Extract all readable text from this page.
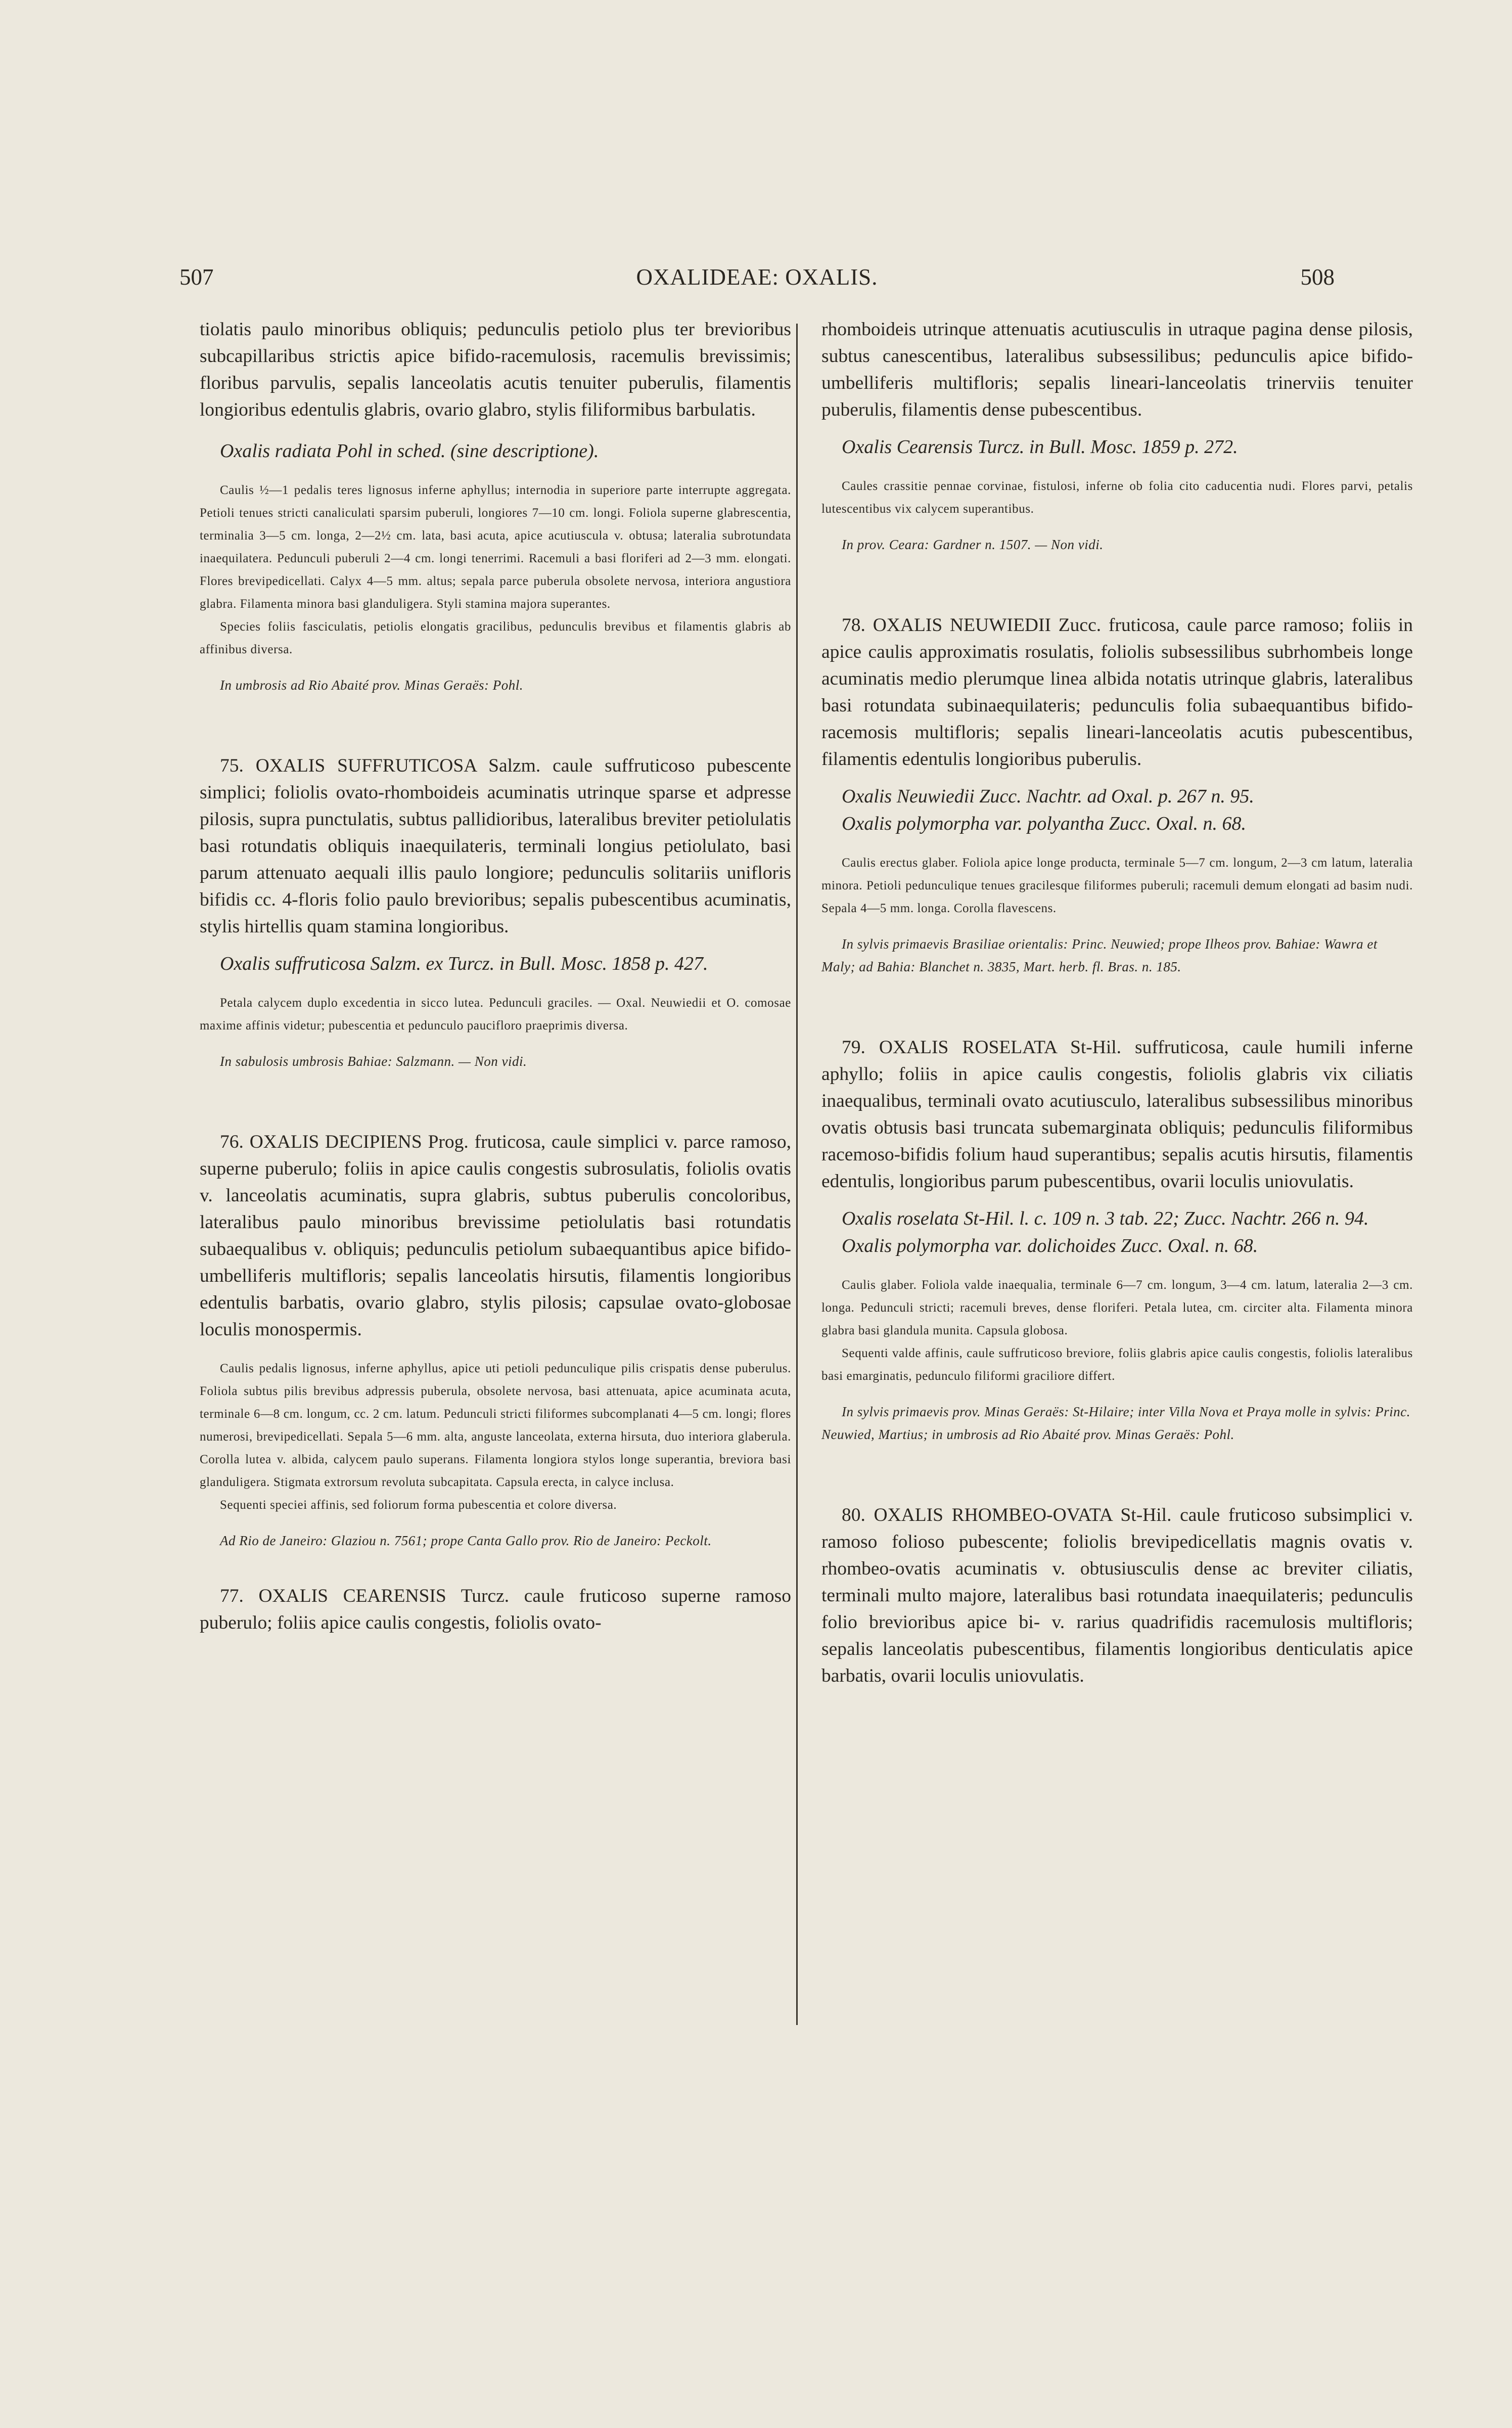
507	OXALIDEAE: OXALIS.	508

tiolatis paulo minoribus obliquis; pedunculis petiolo plus ter brevioribus subcapillaribus strictis apice bifido-racemulosis, racemulis brevissimis; floribus parvulis, sepalis lanceolatis acutis tenuiter puberulis, filamentis longioribus edentulis glabris, ovario glabro, stylis filiformibus barbulatis.

Oxalis radiata Pohl in sched. (sine descriptione).

Caulis ½—1 pedalis teres lignosus inferne aphyllus; internodia in superiore parte interrupte aggregata. Petioli tenues stricti canaliculati sparsim puberuli, longiores 7—10 cm. longi. Foliola superne glabrescentia, terminalia 3—5 cm. longa, 2—2½ cm. lata, basi acuta, apice acutiuscula v. obtusa; lateralia subrotundata inaequilatera. Pedunculi puberuli 2—4 cm. longi tenerrimi. Racemuli a basi floriferi ad 2—3 mm. elongati. Flores brevipedicellati. Calyx 4—5 mm. altus; sepala parce puberula obsolete nervosa, interiora angustiora glabra. Filamenta minora basi glanduligera. Styli stamina majora superantes.

Species foliis fasciculatis, petiolis elongatis gracilibus, pedunculis brevibus et filamentis glabris ab affinibus diversa.

In umbrosis ad Rio Abaité prov. Minas Geraës: Pohl.

75. OXALIS SUFFRUTICOSA Salzm. caule suffruticoso pubescente simplici; foliolis ovato-rhomboideis acuminatis utrinque sparse et adpresse pilosis, supra punctulatis, subtus pallidioribus, lateralibus breviter petiolulatis basi rotundatis obliquis inaequilateris, terminali longius petiolulato, basi parum attenuato aequali illis paulo longiore; pedunculis solitariis unifloris bifidis cc. 4-floris folio paulo brevioribus; sepalis pubescentibus acuminatis, stylis hirtellis quam stamina longioribus.

Oxalis suffruticosa Salzm. ex Turcz. in Bull. Mosc. 1858 p. 427.

Petala calycem duplo excedentia in sicco lutea. Pedunculi graciles. — Oxal. Neuwiedii et O. comosae maxime affinis videtur; pubescentia et pedunculo paucifloro praeprimis diversa.

In sabulosis umbrosis Bahiae: Salzmann. — Non vidi.

76. OXALIS DECIPIENS Prog. fruticosa, caule simplici v. parce ramoso, superne puberulo; foliis in apice caulis congestis subrosulatis, foliolis ovatis v. lanceolatis acuminatis, supra glabris, subtus puberulis concoloribus, lateralibus paulo minoribus brevissime petiolulatis basi rotundatis subaequalibus v. obliquis; pedunculis petiolum subaequantibus apice bifido-umbelliferis multifloris; sepalis lanceolatis hirsutis, filamentis longioribus edentulis barbatis, ovario glabro, stylis pilosis; capsulae ovato-globosae loculis monospermis.

Caulis pedalis lignosus, inferne aphyllus, apice uti petioli pedunculique pilis crispatis dense puberulus. Foliola subtus pilis brevibus adpressis puberula, obsolete nervosa, basi attenuata, apice acuminata acuta, terminale 6—8 cm. longum, cc. 2 cm. latum. Pedunculi stricti filiformes subcomplanati 4—5 cm. longi; flores numerosi, brevipedicellati. Sepala 5—6 mm. alta, anguste lanceolata, externa hirsuta, duo interiora glaberula. Corolla lutea v. albida, calycem paulo superans. Filamenta longiora stylos longe superantia, breviora basi glanduligera. Stigmata extrorsum revoluta subcapitata. Capsula erecta, in calyce inclusa.

Sequenti speciei affinis, sed foliorum forma pubescentia et colore diversa.

Ad Rio de Janeiro: Glaziou n. 7561; prope Canta Gallo prov. Rio de Janeiro: Peckolt.

77. OXALIS CEARENSIS Turcz. caule fruticoso superne ramoso puberulo; foliis apice caulis congestis, foliolis ovato-

rhomboideis utrinque attenuatis acutiusculis in utraque pagina dense pilosis, subtus canescentibus, lateralibus subsessilibus; pedunculis apice bifido-umbelliferis multifloris; sepalis lineari-lanceolatis trinerviis tenuiter puberulis, filamentis dense pubescentibus.

Oxalis Cearensis Turcz. in Bull. Mosc. 1859 p. 272.

Caules crassitie pennae corvinae, fistulosi, inferne ob folia cito caducentia nudi. Flores parvi, petalis lutescentibus vix calycem superantibus.

In prov. Ceara: Gardner n. 1507. — Non vidi.

78. OXALIS NEUWIEDII Zucc. fruticosa, caule parce ramoso; foliis in apice caulis approximatis rosulatis, foliolis subsessilibus subrhombeis longe acuminatis medio plerumque linea albida notatis utrinque glabris, lateralibus basi rotundata subinaequilateris; pedunculis folia subaequantibus bifido-racemosis multifloris; sepalis lineari-lanceolatis acutis pubescentibus, filamentis edentulis longioribus puberulis.

Oxalis Neuwiedii Zucc. Nachtr. ad Oxal. p. 267 n. 95.

Oxalis polymorpha var. polyantha Zucc. Oxal. n. 68.

Caulis erectus glaber. Foliola apice longe producta, terminale 5—7 cm. longum, 2—3 cm latum, lateralia minora. Petioli pedunculique tenues gracilesque filiformes puberuli; racemuli demum elongati ad basim nudi. Sepala 4—5 mm. longa. Corolla flavescens.

In sylvis primaevis Brasiliae orientalis: Princ. Neuwied; prope Ilheos prov. Bahiae: Wawra et Maly; ad Bahia: Blanchet n. 3835, Mart. herb. fl. Bras. n. 185.

79. OXALIS ROSELATA St-Hil. suffruticosa, caule humili inferne aphyllo; foliis in apice caulis congestis, foliolis glabris vix ciliatis inaequalibus, terminali ovato acutiusculo, lateralibus subsessilibus minoribus ovatis obtusis basi truncata subemarginata obliquis; pedunculis filiformibus racemoso-bifidis folium haud superantibus; sepalis acutis hirsutis, filamentis edentulis, longioribus parum pubescentibus, ovarii loculis uniovulatis.

Oxalis roselata St-Hil. l. c. 109 n. 3 tab. 22; Zucc. Nachtr. 266 n. 94.

Oxalis polymorpha var. dolichoides Zucc. Oxal. n. 68.

Caulis glaber. Foliola valde inaequalia, terminale 6—7 cm. longum, 3—4 cm. latum, lateralia 2—3 cm. longa. Pedunculi stricti; racemuli breves, dense floriferi. Petala lutea, cm. circiter alta. Filamenta minora glabra basi glandula munita. Capsula globosa.

Sequenti valde affinis, caule suffruticoso breviore, foliis glabris apice caulis congestis, foliolis lateralibus basi emarginatis, pedunculo filiformi graciliore differt.

In sylvis primaevis prov. Minas Geraës: St-Hilaire; inter Villa Nova et Praya molle in sylvis: Princ. Neuwied, Martius; in umbrosis ad Rio Abaité prov. Minas Geraës: Pohl.

80. OXALIS RHOMBEO-OVATA St-Hil. caule fruticoso subsimplici v. ramoso folioso pubescente; foliolis brevipedicellatis magnis ovatis v. rhombeo-ovatis acuminatis v. obtusiusculis dense ac breviter ciliatis, terminali multo majore, lateralibus basi rotundata inaequilateris; pedunculis folio brevioribus apice bi- v. rarius quadrifidis racemulosis multifloris; sepalis lanceolatis pubescentibus, filamentis longioribus denticulatis apice barbatis, ovarii loculis uniovulatis.
